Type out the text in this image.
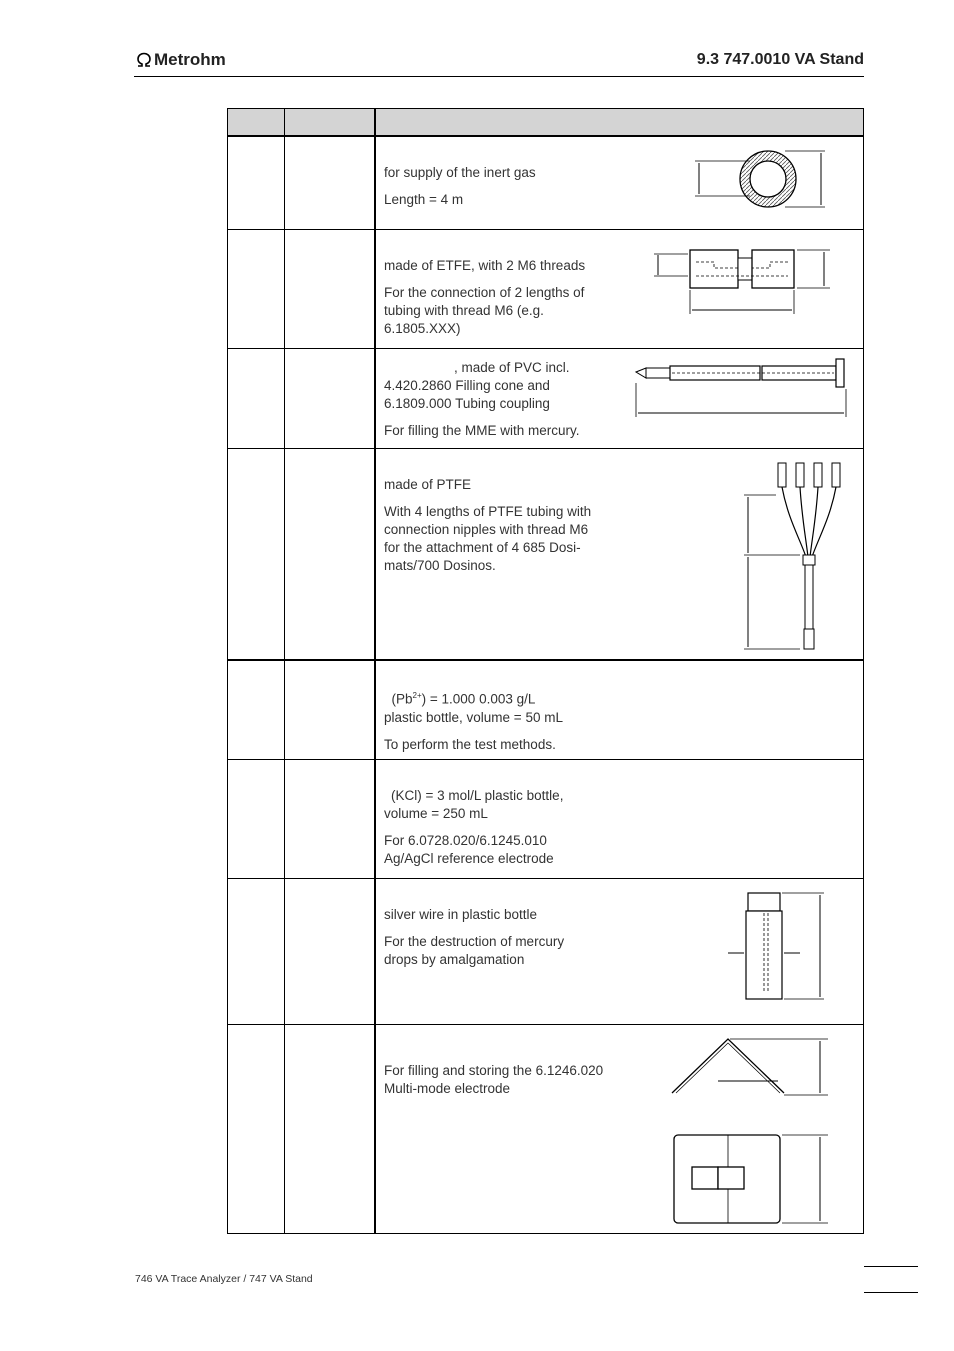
Metrohm	9.3 747.0010 VA Stand

for supply of the inert gas

Length = 4 m

made of ETFE, with 2 M6 threads

For the connection of 2 lengths of tubing with thread M6 (e.g. 6.1805.XXX)

, made of PVC incl. 4.420.2860 Filling cone and 6.1809.000 Tubing coupling

For filling the MME with mercury.

made of PTFE

With 4 lengths of PTFE tubing with connection nipples with thread M6 for the attachment of 4 685 Dosi-mats/700 Dosinos.

$(Pb^{2+}) = 1.000$ 0.003 g/L

plastic bottle, volume = 50 mL

To perform the test methods.

(KCl) = 3 mol/L plastic bottle, volume = 250 mL

For 6.0728.020/6.1245.010 Ag/AgCl reference electrode

silver wire in plastic bottle

For the destruction of mercury drops by amalgamation

For filling and storing the 6.1246.020 Multi-mode electrode

746 VA Trace Analyzer / 747 VA Stand
